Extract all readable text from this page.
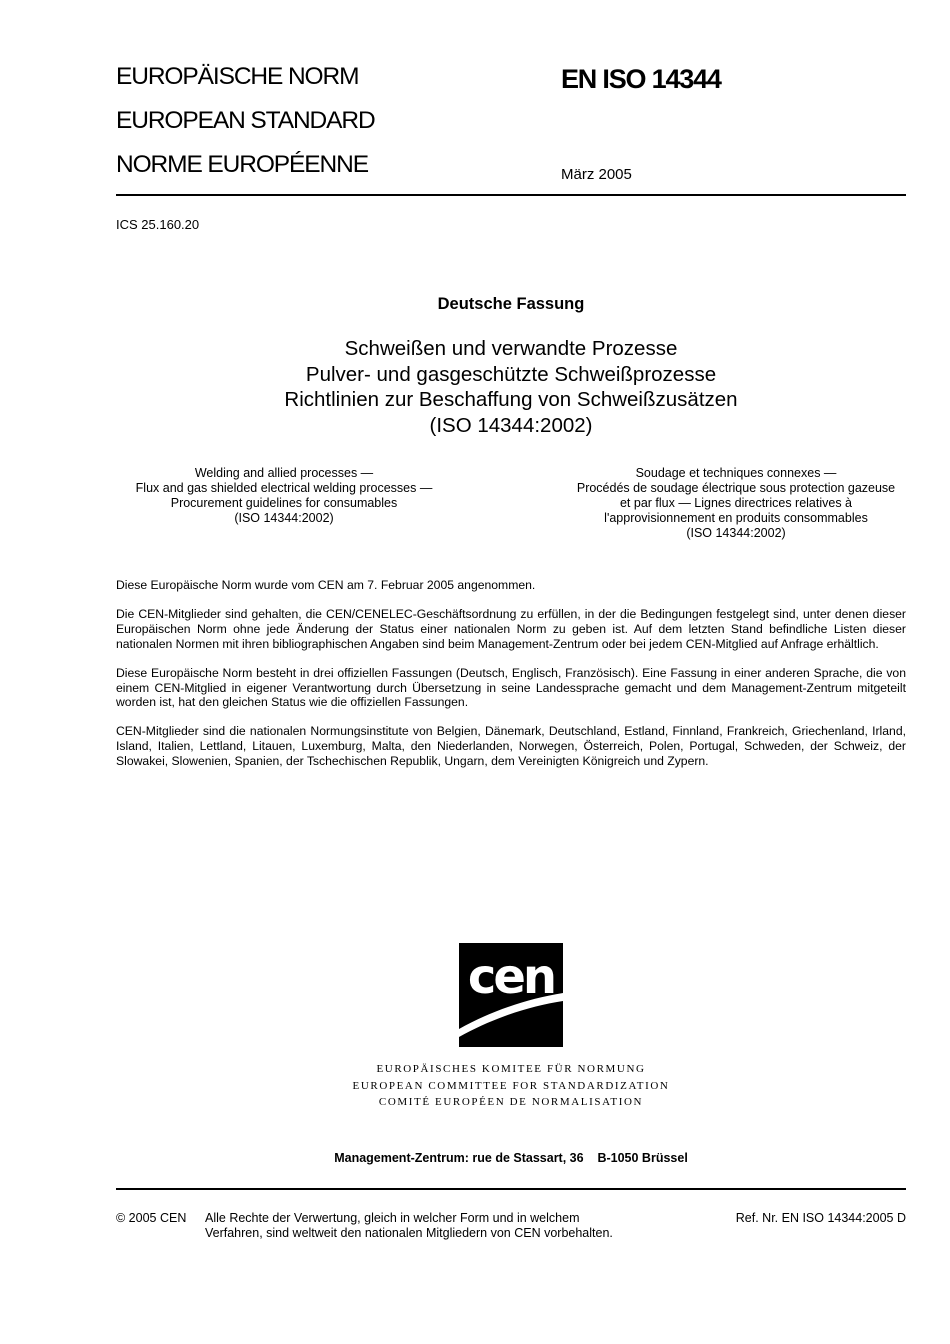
EUROPÄISCHE NORM
EUROPEAN STANDARD
NORME EUROPÉENNE
EN ISO 14344
März 2005
ICS 25.160.20
Deutsche Fassung
Schweißen und verwandte Prozesse
Pulver- und gasgeschützte Schweißprozesse
Richtlinien zur Beschaffung von Schweißzusätzen
(ISO 14344:2002)
Welding and allied processes —
Flux and gas shielded electrical welding processes —
Procurement guidelines for consumables
(ISO 14344:2002)
Soudage et techniques connexes —
Procédés de soudage électrique sous protection gazeuse
et par flux — Lignes directrices relatives à
l'approvisionnement en produits consommables
(ISO 14344:2002)

Diese Europäische Norm wurde vom CEN am 7. Februar 2005 angenommen.

Die CEN-Mitglieder sind gehalten, die CEN/CENELEC-Geschäftsordnung zu erfüllen, in der die Bedingungen festgelegt sind, unter denen dieser Europäischen Norm ohne jede Änderung der Status einer nationalen Norm zu geben ist. Auf dem letzten Stand befindliche Listen dieser nationalen Normen mit ihren bibliographischen Angaben sind beim Management-Zentrum oder bei jedem CEN-Mitglied auf Anfrage erhältlich.

Diese Europäische Norm besteht in drei offiziellen Fassungen (Deutsch, Englisch, Französisch). Eine Fassung in einer anderen Sprache, die von einem CEN-Mitglied in eigener Verantwortung durch Übersetzung in seine Landessprache gemacht und dem Management-Zentrum mitgeteilt worden ist, hat den gleichen Status wie die offiziellen Fassungen.

CEN-Mitglieder sind die nationalen Normungsinstitute von Belgien, Dänemark, Deutschland, Estland, Finnland, Frankreich, Griechenland, Irland, Island, Italien, Lettland, Litauen, Luxemburg, Malta, den Niederlanden, Norwegen, Österreich, Polen, Portugal, Schweden, der Schweiz, der Slowakei, Slowenien, Spanien, der Tschechischen Republik, Ungarn, dem Vereinigten Königreich und Zypern.

cen
EUROPÄISCHES KOMITEE FÜR NORMUNG
EUROPEAN COMMITTEE FOR STANDARDIZATION
COMITÉ EUROPÉEN DE NORMALISATION
Management-Zentrum: rue de Stassart, 36    B-1050 Brüssel
© 2005 CEN Alle Rechte der Verwertung, gleich in welcher Form und in welchem
Verfahren, sind weltweit den nationalen Mitgliedern von CEN vorbehalten.
Ref. Nr. EN ISO 14344:2005 D
